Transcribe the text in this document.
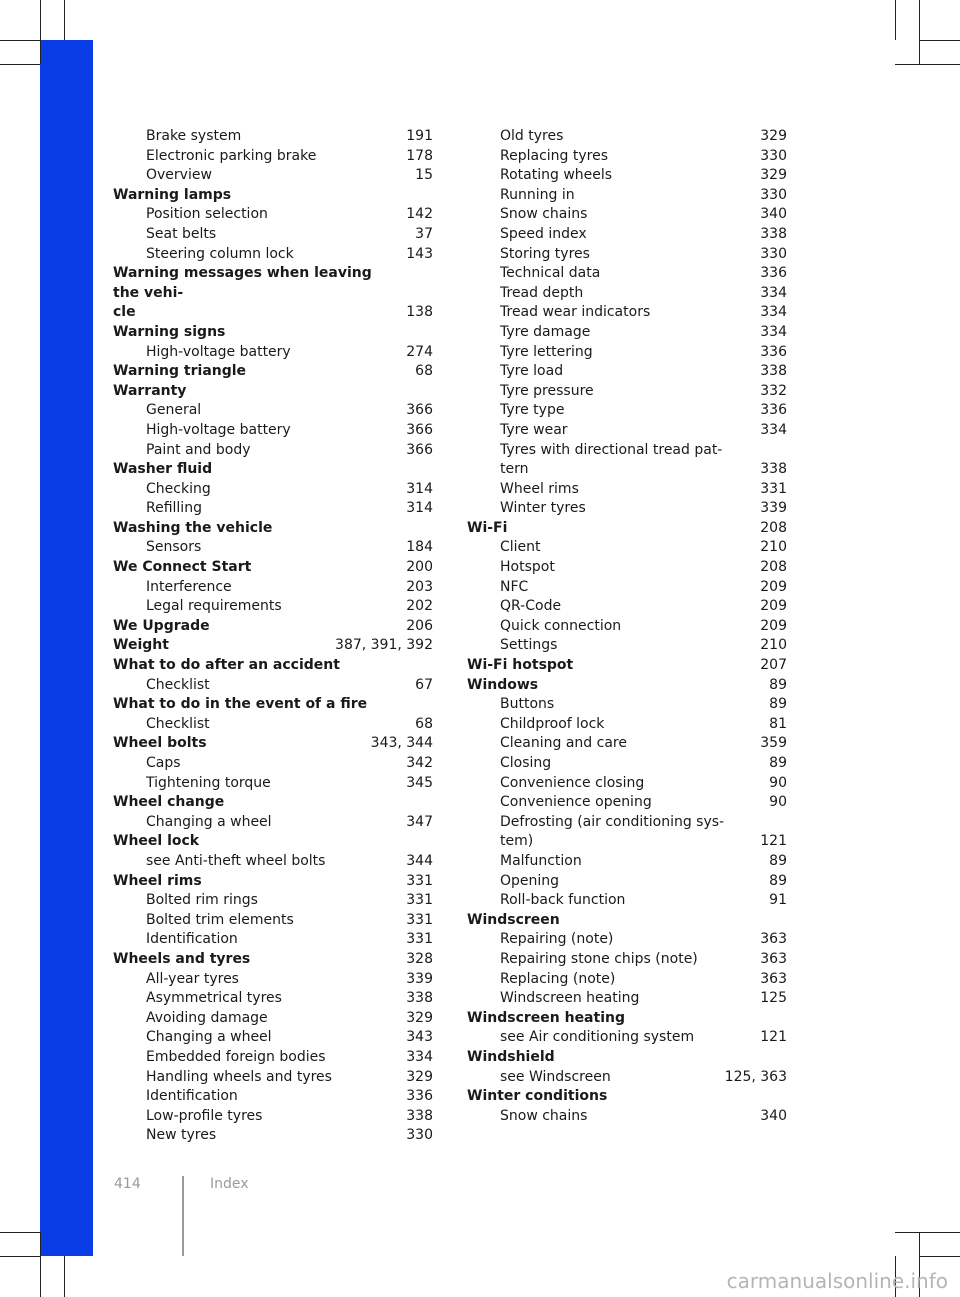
Brake system	191
Electronic parking brake	178
Overview	15
Warning lamps
Position selection	142
Seat belts	37
Steering column lock	143
Warning messages when leaving the vehi-
cle	138
Warning signs
High-voltage battery	274
Warning triangle	68
Warranty
General	366
High-voltage battery	366
Paint and body	366
Washer fluid
Checking	314
Refilling	314
Washing the vehicle
Sensors	184
We Connect Start	200
Interference	203
Legal requirements	202
We Upgrade	206
Weight	387, 391, 392
What to do after an accident
Checklist	67
What to do in the event of a fire
Checklist	68
Wheel bolts	343, 344
Caps	342
Tightening torque	345
Wheel change
Changing a wheel	347
Wheel lock
see Anti-theft wheel bolts	344
Wheel rims	331
Bolted rim rings	331
Bolted trim elements	331
Identification	331
Wheels and tyres	328
All-year tyres	339
Asymmetrical tyres	338
Avoiding damage	329
Changing a wheel	343
Embedded foreign bodies	334
Handling wheels and tyres	329
Identification	336
Low-profile tyres	338
New tyres	330
Old tyres	329
Replacing tyres	330
Rotating wheels	329
Running in	330
Snow chains	340
Speed index	338
Storing tyres	330
Technical data	336
Tread depth	334
Tread wear indicators	334
Tyre damage	334
Tyre lettering	336
Tyre load	338
Tyre pressure	332
Tyre type	336
Tyre wear	334
Tyres with directional tread pat-
tern	338
Wheel rims	331
Winter tyres	339
Wi-Fi	208
Client	210
Hotspot	208
NFC	209
QR-Code	209
Quick connection	209
Settings	210
Wi-Fi hotspot	207
Windows	89
Buttons	89
Childproof lock	81
Cleaning and care	359
Closing	89
Convenience closing	90
Convenience opening	90
Defrosting (air conditioning sys-
tem)	121
Malfunction	89
Opening	89
Roll-back function	91
Windscreen
Repairing (note)	363
Repairing stone chips (note)	363
Replacing (note)	363
Windscreen heating	125
Windscreen heating
see Air conditioning system	121
Windshield
see Windscreen	125, 363
Winter conditions
Snow chains	340
414	Index
carmanualsonline.info
